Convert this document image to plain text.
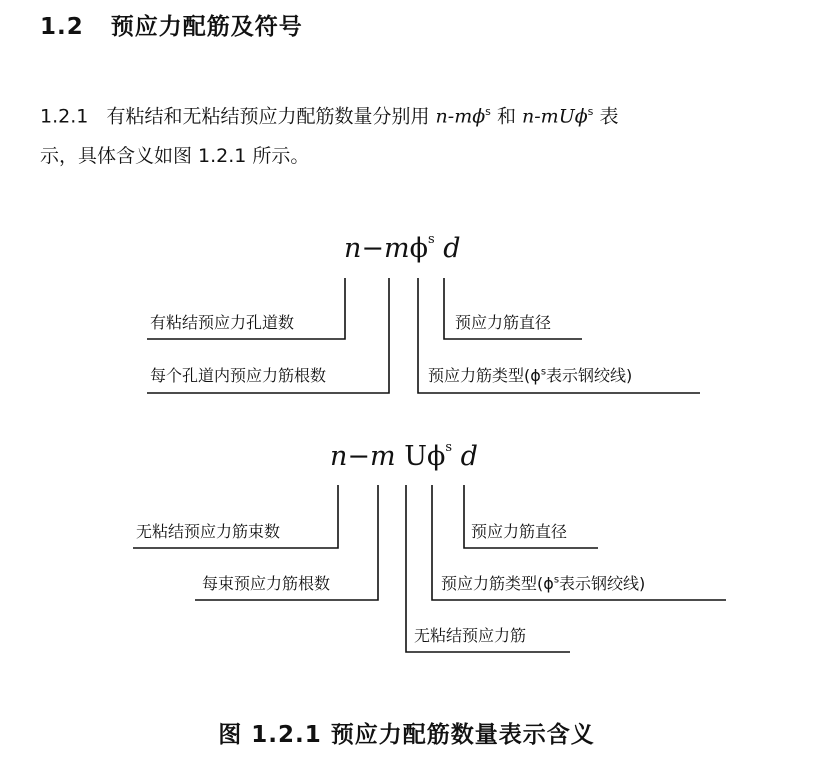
1.2 预应力配筋及符号
1.2.1 有粘结和无粘结预应力配筋数量分别用 $n-m\phi^s$ 和 n-mUϕ$^s$ 表
示，具体含义如图 1.2.1 所示。
$n-m\phi^s$ d
有粘结预应力孔道数
每个孔道内预应力筋根数
预应力筋直径
预应力筋类型($\phi^s$表示钢绞线)
n−m $U\phi^s$ d
无粘结预应力筋束数
每束预应力筋根数
预应力筋直径
预应力筋类型($\phi^s$表示钢绞线)
无粘结预应力筋
图 1.2.1 预应力配筋数量表示含义
